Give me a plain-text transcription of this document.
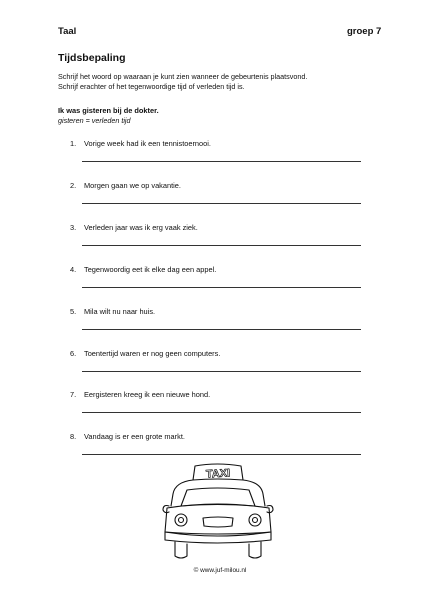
Taal	groep 7
Tijdsbepaling
Schrijf het woord op waaraan je kunt zien wanneer de gebeurtenis plaatsvond.
Schrijf erachter of het tegenwoordige tijd of verleden tijd is.
Ik was gisteren bij de dokter.
gisteren = verleden tijd
1. Vorige week had ik een tennistoernooi.
2. Morgen gaan we op vakantie.
3. Verleden jaar was ik erg vaak ziek.
4. Tegenwoordig eet ik elke dag een appel.
5. Mila wilt nu naar huis.
6. Toentertijd waren er nog geen computers.
7. Eergisteren kreeg ik een nieuwe hond.
8. Vandaag is er een grote markt.
TAXI
© www.juf-milou.nl
